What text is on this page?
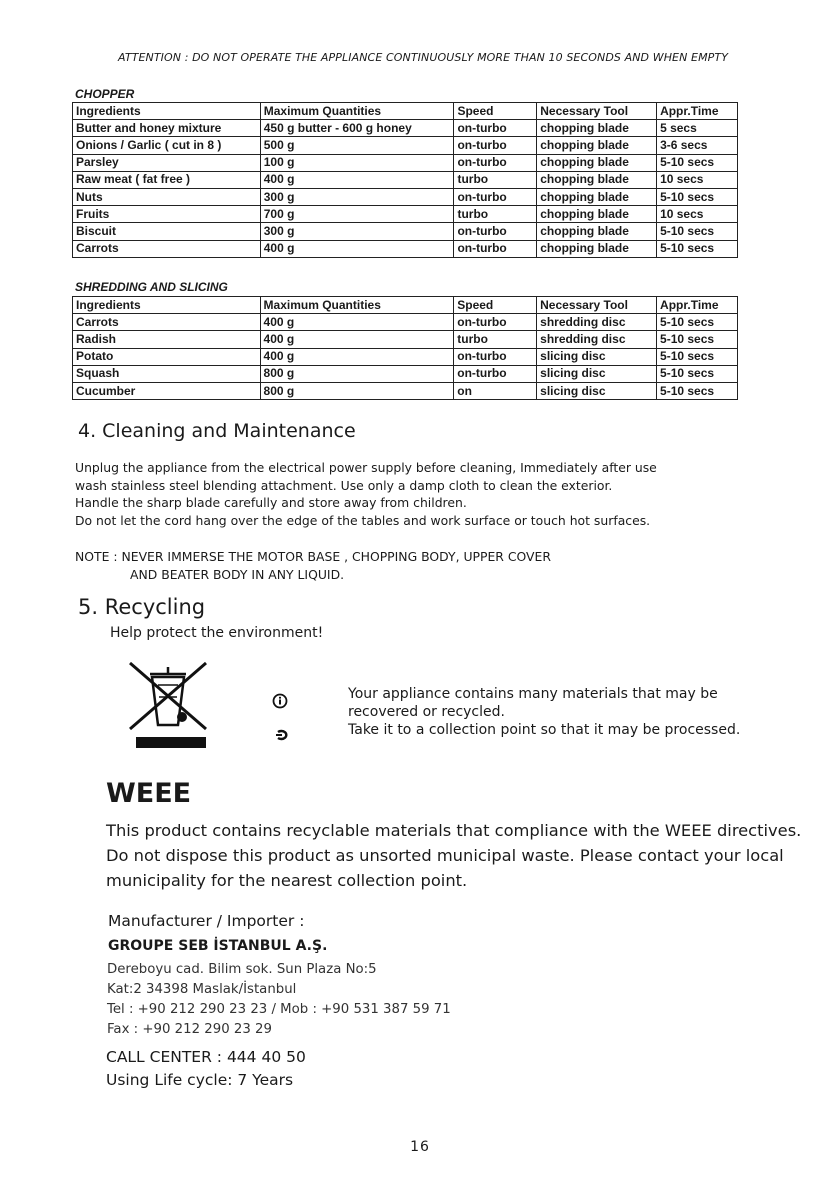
ATTENTION : DO NOT OPERATE THE APPLIANCE CONTINUOUSLY MORE THAN 10 SECONDS AND WHEN EMPTY
CHOPPER
Ingredients	Maximum Quantities	Speed	Necessary Tool	Appr.Time
Butter and honey mixture	450 g butter - 600 g honey	on-turbo	chopping blade	5 secs
Onions / Garlic ( cut in 8 )	500 g	on-turbo	chopping blade	3-6 secs
Parsley	100 g	on-turbo	chopping blade	5-10 secs
Raw meat ( fat free )	400 g	turbo	chopping blade	10 secs
Nuts	300 g	on-turbo	chopping blade	5-10 secs
Fruits	700 g	turbo	chopping blade	10 secs
Biscuit	300 g	on-turbo	chopping blade	5-10 secs
Carrots	400 g	on-turbo	chopping blade	5-10 secs
SHREDDING AND SLICING
Ingredients	Maximum Quantities	Speed	Necessary Tool	Appr.Time
Carrots	400 g	on-turbo	shredding disc	5-10 secs
Radish	400 g	turbo	shredding disc	5-10 secs
Potato	400 g	on-turbo	slicing disc	5-10 secs
Squash	800 g	on-turbo	slicing disc	5-10 secs
Cucumber	800 g	on	slicing disc	5-10 secs
4. Cleaning and Maintenance
Unplug the appliance from the electrical power supply before cleaning, Immediately after use
wash stainless steel blending attachment. Use only a damp cloth to clean the exterior.
Handle the sharp blade carefully and store away from children.
Do not let the cord hang over the edge of the tables and work surface or touch hot surfaces.
NOTE : NEVER IMMERSE THE MOTOR BASE , CHOPPING BODY, UPPER COVER
AND BEATER BODY IN ANY LIQUID.
5. Recycling
Help protect the environment!
Your appliance contains many materials that may be
recovered or recycled.
Take it to a collection point so that it may be processed.
WEEE
This product contains recyclable materials that compliance with the WEEE directives.
Do not dispose this product as unsorted municipal waste. Please contact your local
municipality for the nearest collection point.
Manufacturer / Importer :
GROUPE SEB İSTANBUL A.Ş.
Dereboyu cad. Bilim sok. Sun Plaza No:5
Kat:2 34398 Maslak/İstanbul
Tel : +90 212 290 23 23 / Mob : +90 531 387 59 71
Fax : +90 212 290 23 29
CALL CENTER : 444 40 50
Using Life cycle: 7 Years
16
